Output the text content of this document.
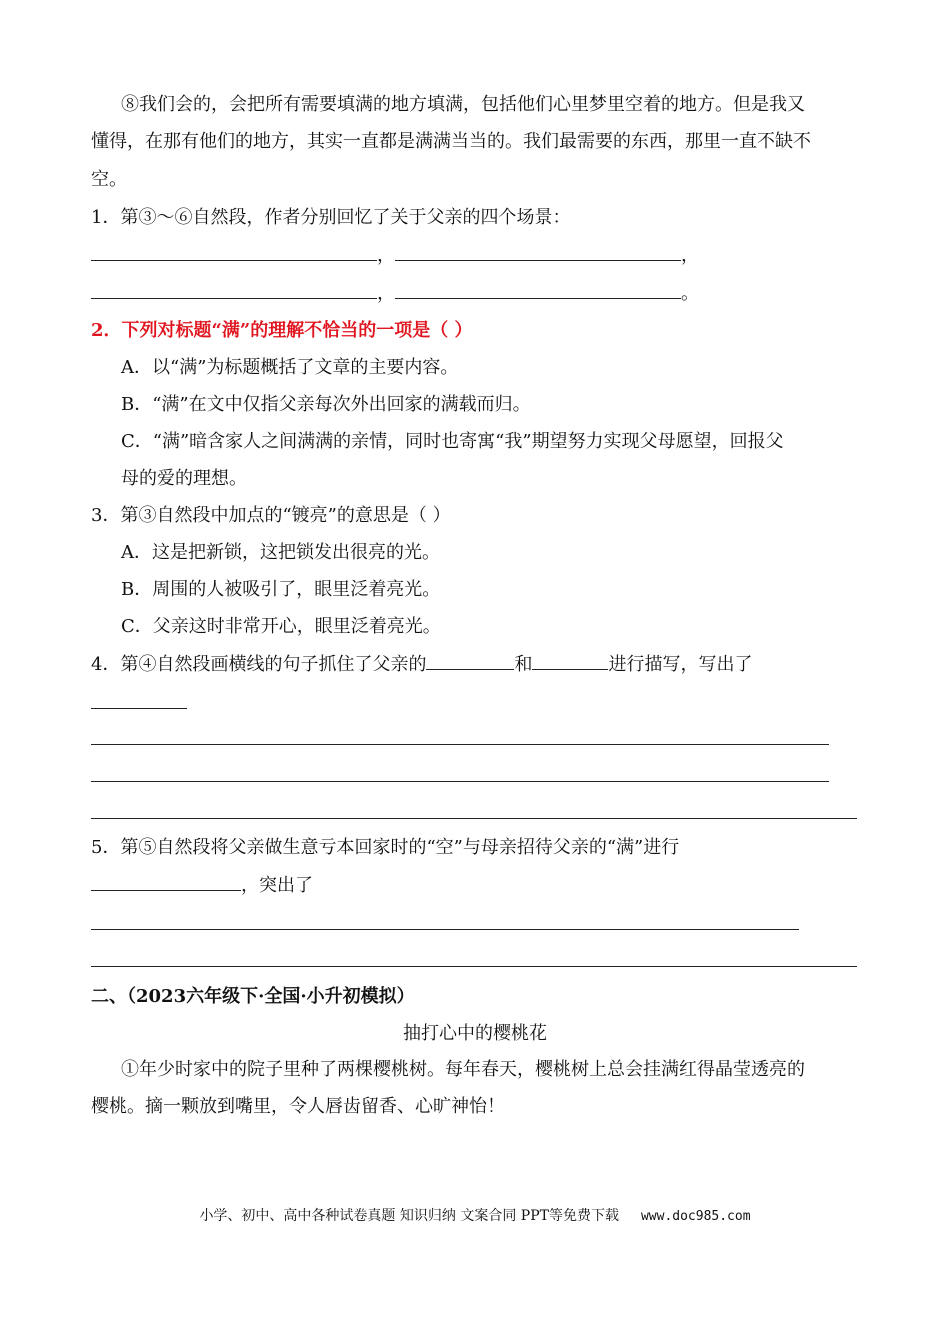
⑧我们会的，会把所有需要填满的地方填满，包括他们心里梦里空着的地方。但是我又
懂得，在那有他们的地方，其实一直都是满满当当的。我们最需要的东西，那里一直不缺不
空。
1．第③～⑥自然段，作者分别回忆了关于父亲的四个场景：
，	，
，	。
2．下列对标题“满”的理解不恰当的一项是（ ）
A．以“满”为标题概括了文章的主要内容。
B．“满”在文中仅指父亲每次外出回家的满载而归。
C．“满”暗含家人之间满满的亲情，同时也寄寓“我”期望努力实现父母愿望，回报父
母的爱的理想。
3．第③自然段中加点的“镀亮”的意思是（ ）
A．这是把新锁，这把锁发出很亮的光。
B．周围的人被吸引了，眼里泛着亮光。
C．父亲这时非常开心，眼里泛着亮光。
4．第④自然段画横线的句子抓住了父亲的	和	进行描写，写出了
5．第⑤自然段将父亲做生意亏本回家时的“空”与母亲招待父亲的“满”进行
，突出了
二、（2023六年级下·全国·小升初模拟）
抽打心中的樱桃花
①年少时家中的院子里种了两棵樱桃树。每年春天，樱桃树上总会挂满红得晶莹透亮的
樱桃。摘一颗放到嘴里，令人唇齿留香、心旷神怡！
小学、初中、高中各种试卷真题 知识归纳 文案合同 PPT等免费下载 www.doc985.com
